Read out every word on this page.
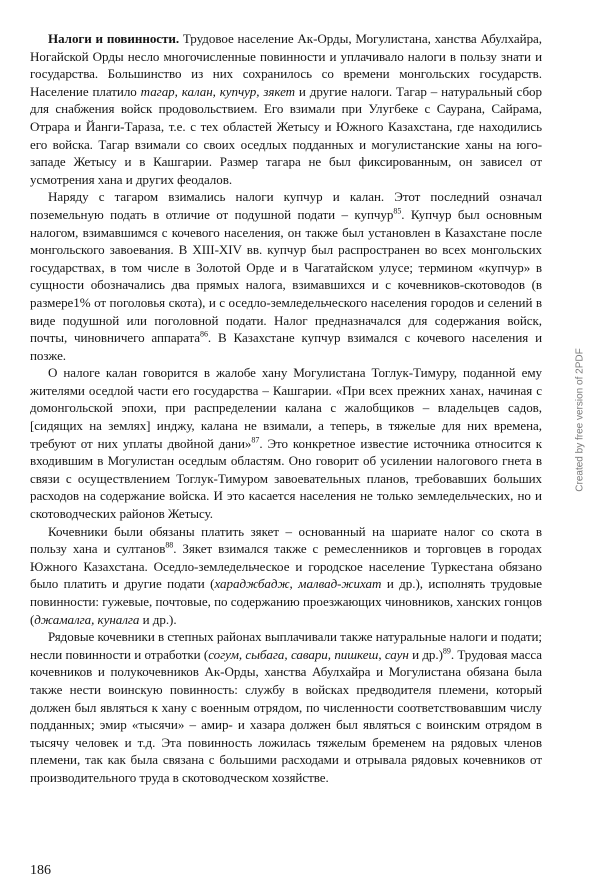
Налоги и повинности. Трудовое население Ак-Орды, Могулистана, ханства Абулхайра, Ногайской Орды несло многочисленные повинности и уплачивало налоги в пользу знати и государства. Большинство из них сохранилось со времени монгольских государств. Население платило тагар, калан, купчур, зякет и другие налоги. Тагар – натуральный сбор для снабжения войск продовольствием. Его взимали при Улугбеке с Саурана, Сайрама, Отрара и Йанги-Тараза, т.е. с тех областей Жетысу и Южного Казахстана, где находились его войска. Тагар взимали со своих оседлых подданных и могулистанские ханы на юго-западе Жетысу и в Кашгарии. Размер тагара не был фиксированным, он зависел от усмотрения хана и других феодалов.

Наряду с тагаром взимались налоги купчур и калан. Этот последний означал поземельную подать в отличие от подушной подати – купчур$^{85}$. Купчур был основным налогом, взимавшимся с кочевого населения, он также был установлен в Казахстане после монгольского завоевания. В XIII-XIV вв. купчур был распространен во всех монгольских государствах, в том числе в Золотой Орде и в Чагатайском улусе; термином «купчур» в сущности обозначались два прямых налога, взимавшихся и с кочевников-скотоводов (в размере1% от поголовья скота), и с оседло-земледельческого населения городов и селений в виде подушной или поголовной подати. Налог предназначался для содержания войск, почты, чиновничего аппарата$^{86}$. В Казахстане купчур взимался с кочевого населения и позже.

О налоге калан говорится в жалобе хану Могулистана Тоглук-Тимуру, поданной ему жителями оседлой части его государства – Кашгарии. «При всех прежних ханах, начиная с домонгольской эпохи, при распределении калана с жалобщиков – владельцев садов, [сидящих на землях] инджу, калана не взимали, а теперь, в тяжелые для них времена, требуют от них уплаты двойной дани»$^{87}$. Это конкретное известие источника относится к входившим в Могулистан оседлым областям. Оно говорит об усилении налогового гнета в связи с осуществлением Тоглук-Тимуром завоевательных планов, требовавших больших расходов на содержание войска. И это касается населения не только земледельческих, но и скотоводческих районов Жетысу.

Кочевники были обязаны платить зякет – основанный на шариате налог со скота в пользу хана и султанов$^{88}$. Зякет взимался также с ремесленников и торговцев в городах Южного Казахстана. Оседло-земледельческое и городское население Туркестана обязано было платить и другие подати (хараджбадж, малвад-жихат и др.), исполнять трудовые повинности: гужевые, почтовые, по содержанию проезжающих чиновников, ханских гонцов (джамалга, куналга и др.).

Рядовые кочевники в степных районах выплачивали также натуральные налоги и подати; несли повинности и отработки (согум, сыбага, савари, пишкеш, саун и др.)$^{89}$. Трудовая масса кочевников и полукочевников Ак-Орды, ханства Абулхайра и Могулистана обязана была также нести воинскую повинность: службу в войсках предводителя племени, который должен был являться к хану с военным отрядом, по численности соответствовавшим числу подданных; эмир «тысячи» – амир- и хазара должен был являться с воинским отрядом в тысячу человек и т.д. Эта повинность ложилась тяжелым бременем на рядовых членов племени, так как была связана с большими расходами и отрывала рядовых кочевников от производительного труда в скотоводческом хозяйстве.

186
Created by free version of 2PDF
